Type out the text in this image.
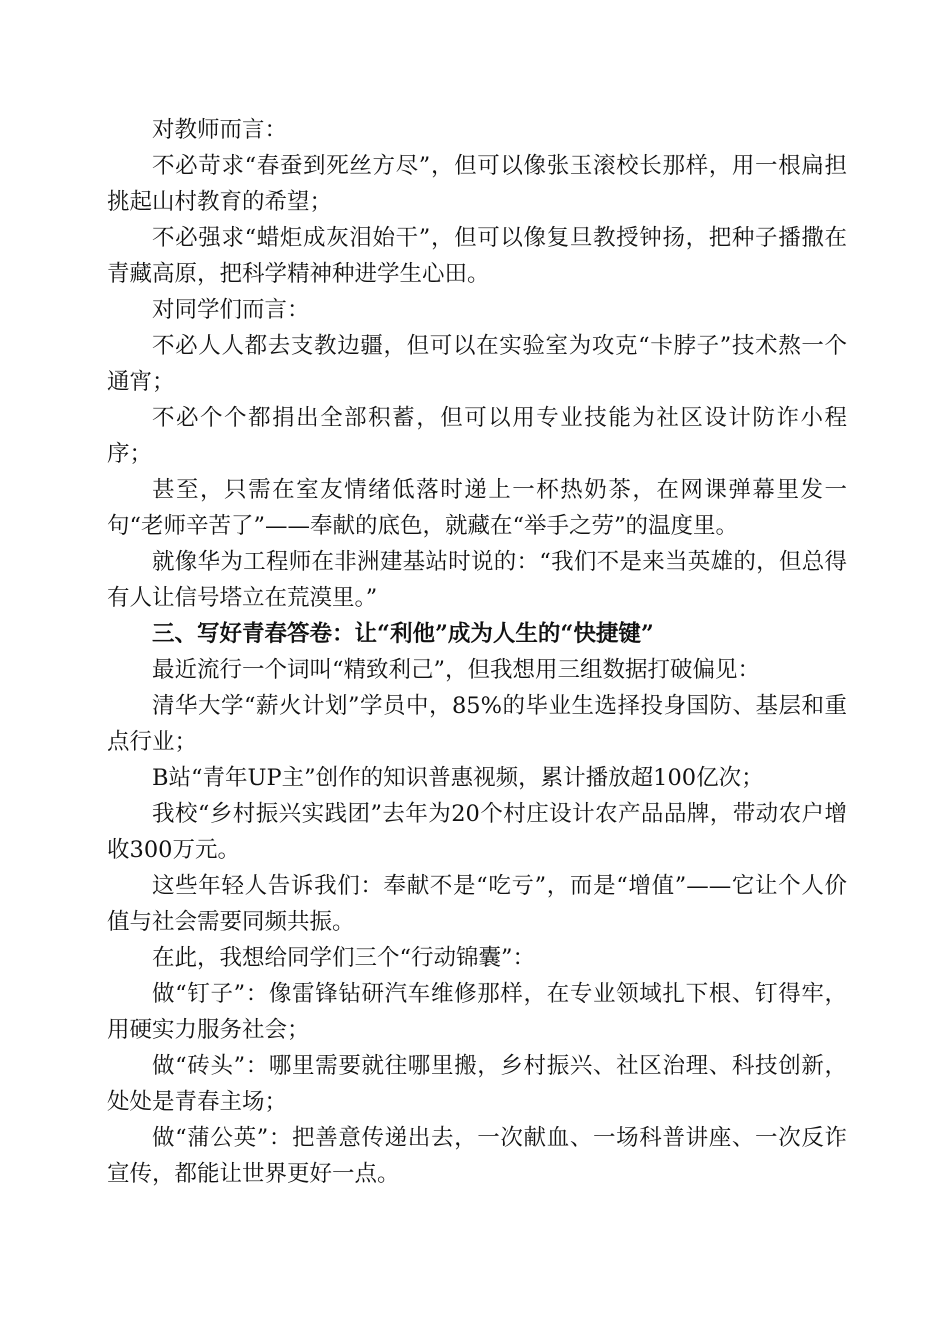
对教师而言：

不必苛求“春蚕到死丝方尽”，但可以像张玉滚校长那样，用一根扁担挑起山村教育的希望；

不必强求“蜡炬成灰泪始干”，但可以像复旦教授钟扬，把种子播撒在青藏高原，把科学精神种进学生心田。

对同学们而言：

不必人人都去支教边疆，但可以在实验室为攻克“卡脖子”技术熬一个通宵；

不必个个都捐出全部积蓄，但可以用专业技能为社区设计防诈小程序；

甚至，只需在室友情绪低落时递上一杯热奶茶，在网课弹幕里发一句“老师辛苦了”——奉献的底色，就藏在“举手之劳”的温度里。

就像华为工程师在非洲建基站时说的：“我们不是来当英雄的，但总得有人让信号塔立在荒漠里。”

三、写好青春答卷：让“利他”成为人生的“快捷键”

最近流行一个词叫“精致利己”，但我想用三组数据打破偏见：

清华大学“薪火计划”学员中，85%的毕业生选择投身国防、基层和重点行业；

B站“青年UP主”创作的知识普惠视频，累计播放超100亿次；

我校“乡村振兴实践团”去年为20个村庄设计农产品品牌，带动农户增收300万元。

这些年轻人告诉我们：奉献不是“吃亏”，而是“增值”——它让个人价值与社会需要同频共振。

在此，我想给同学们三个“行动锦囊”：

做“钉子”：像雷锋钻研汽车维修那样，在专业领域扎下根、钉得牢，用硬实力服务社会；

做“砖头”：哪里需要就往哪里搬，乡村振兴、社区治理、科技创新，处处是青春主场；

做“蒲公英”：把善意传递出去，一次献血、一场科普讲座、一次反诈宣传，都能让世界更好一点。
